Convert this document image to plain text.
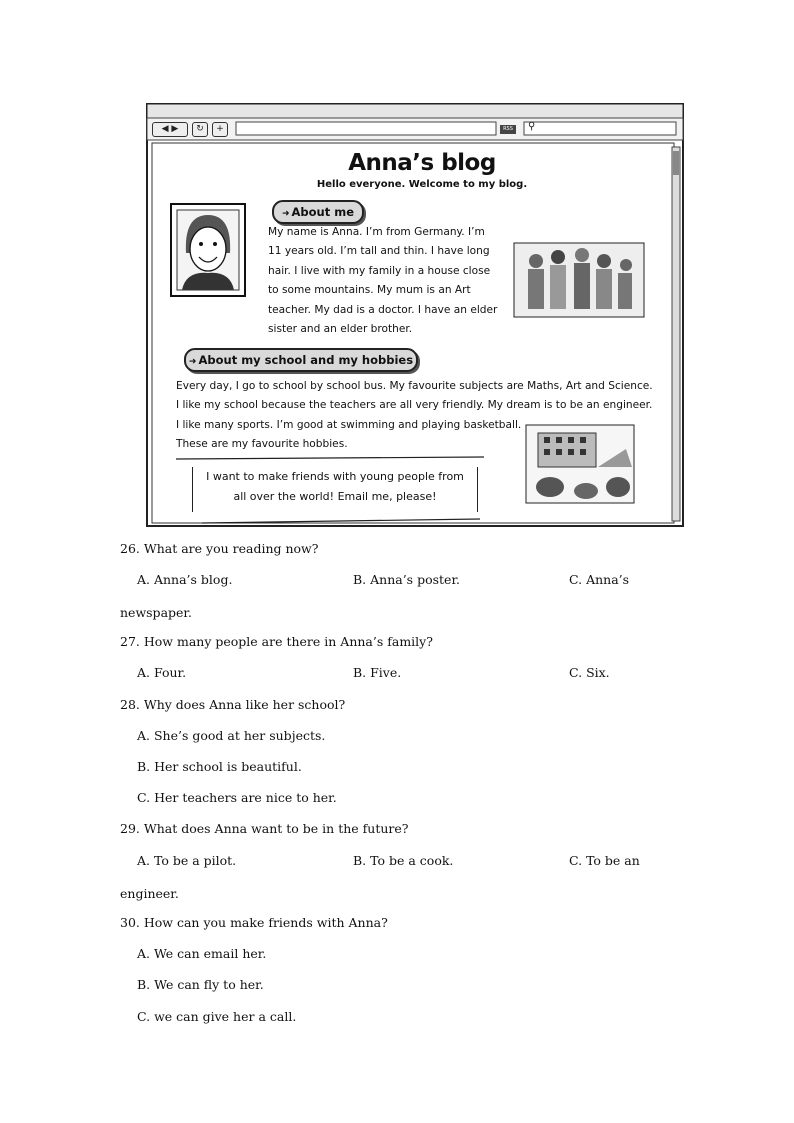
◀ ▶	↻	+	RSS	⚲
Anna’s blog
Hello everyone. Welcome to my blog.
➜ About me
My name is Anna. I’m from Germany. I’m
11 years old. I’m tall and thin. I have long
hair. I live with my family in a house close
to some mountains. My mum is an Art
teacher. My dad is a doctor. I have an elder
sister and an elder brother.
➜ About my school and my hobbies
Every day, I go to school by school bus. My favourite subjects are Maths, Art and Science.
I like my school because the teachers are all very friendly. My dream is to be an engineer.
I like many sports. I’m good at swimming and playing basketball.
These are my favourite hobbies.
I want to make friends with young people from
all over the world! Email me, please!
26. What are you reading now?
A. Anna’s blog.	B. Anna’s poster.	C. Anna’s
newspaper.
27. How many people are there in Anna’s family?
A. Four.	B. Five.	C. Six.
28. Why does Anna like her school?
A. She’s good at her subjects.
B. Her school is beautiful.
C. Her teachers are nice to her.
29. What does Anna want to be in the future?
A. To be a pilot.	B. To be a cook.	C. To be an
engineer.
30. How can you make friends with Anna?
A. We can email her.
B. We can fly to her.
C. we can give her a call.
